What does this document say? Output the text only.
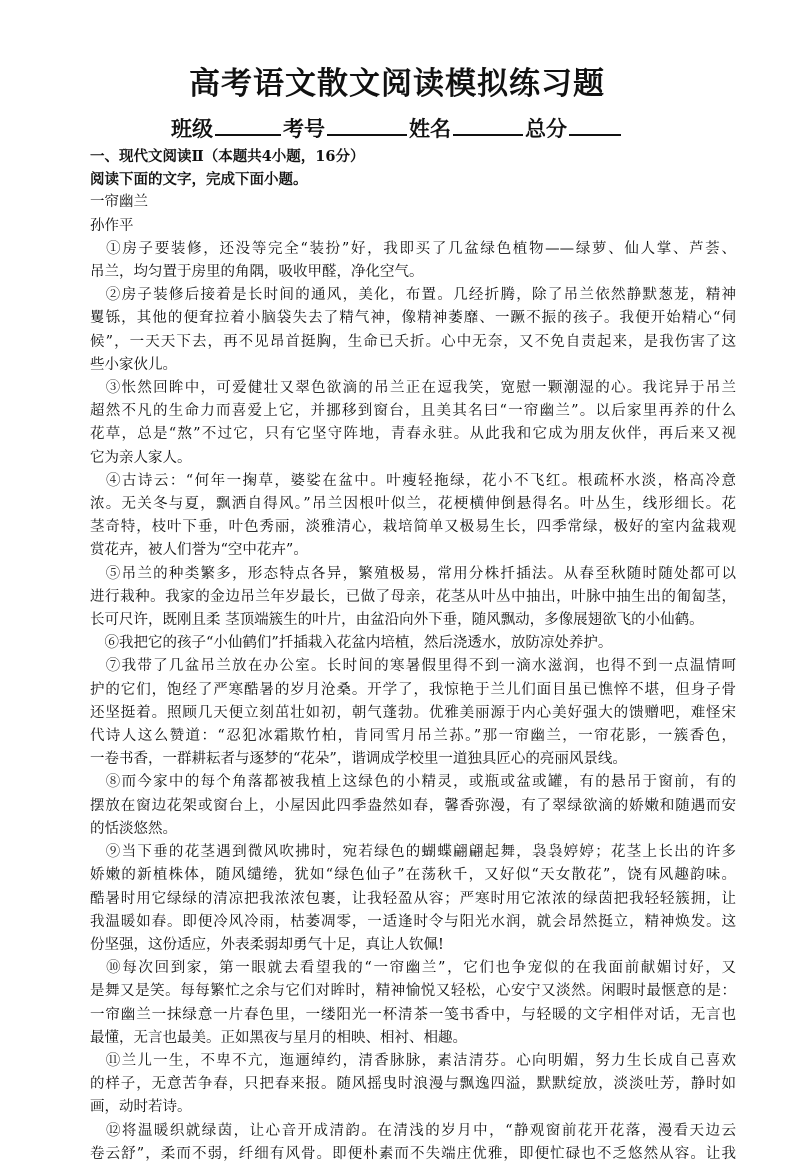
高考语文散文阅读模拟练习题
班级	考号	姓名	总分

一、现代文阅读Ⅱ（本题共4小题，16分）

阅读下面的文字，完成下面小题。

一帘幽兰

孙作平

　①房子要装修，还没等完全“装扮”好，我即买了几盆绿色植物——绿萝、仙人掌、芦荟、
吊兰，均匀置于房里的角隅，吸收甲醛，净化空气。
　②房子装修后接着是长时间的通风，美化，布置。几经折腾，除了吊兰依然静默葱茏，精神
矍铄，其他的便耷拉着小脑袋失去了精气神，像精神萎靡、一蹶不振的孩子。我便开始精心“伺
候”，一天天下去，再不见昂首挺胸，生命已夭折。心中无奈，又不免自责起来，是我伤害了这
些小家伙儿。
　③怅然回眸中，可爱健壮又翠色欲滴的吊兰正在逗我笑，宽慰一颗潮湿的心。我诧异于吊兰
超然不凡的生命力而喜爱上它，并挪移到窗台，且美其名曰“一帘幽兰”。以后家里再养的什么
花草，总是“熬”不过它，只有它坚守阵地，青春永驻。从此我和它成为朋友伙伴，再后来又视
它为亲人家人。
　④古诗云：“何年一掬草，婆娑在盆中。叶瘦轻拖绿，花小不飞红。根疏杯水淡，格高冷意
浓。无关冬与夏，飘洒自得风。”吊兰因根叶似兰，花梗横伸倒悬得名。叶丛生，线形细长。花
茎奇特，枝叶下垂，叶色秀丽，淡雅清心，栽培简单又极易生长，四季常绿，极好的室内盆栽观
赏花卉，被人们誉为“空中花卉”。
　⑤吊兰的种类繁多，形态特点各异，繁殖极易，常用分株扦插法。从春至秋随时随处都可以
进行栽种。我家的金边吊兰年岁最长，已做了母亲，花茎从叶丛中抽出，叶脉中抽生出的匍匐茎，
长可尺许，既刚且柔 茎顶端簇生的叶片，由盆沿向外下垂，随风飘动，多像展翅欲飞的小仙鹤。
　⑥我把它的孩子“小仙鹤们”扦插栽入花盆内培植，然后浇透水，放防凉处养护。
　⑦我带了几盆吊兰放在办公室。长时间的寒暑假里得不到一滴水滋润，也得不到一点温情呵
护的它们，饱经了严寒酷暑的岁月沧桑。开学了，我惊艳于兰儿们面目虽已憔悴不堪，但身子骨
还坚挺着。照顾几天便立刻茁壮如初，朝气蓬勃。优雅美丽源于内心美好强大的馈赠吧，难怪宋
代诗人这么赞道：“忍犯冰霜欺竹柏，肯同雪月吊兰荪。”那一帘幽兰，一帘花影，一簇香色，
一卷书香，一群耕耘者与逐梦的“花朵”，谐调成学校里一道独具匠心的亮丽风景线。
　⑧而今家中的每个角落都被我植上这绿色的小精灵，或瓶或盆或罐，有的悬吊于窗前，有的
摆放在窗边花架或窗台上，小屋因此四季盎然如春，馨香弥漫，有了翠绿欲滴的娇嫩和随遇而安
的恬淡悠然。
　⑨当下垂的花茎遇到微风吹拂时，宛若绿色的蝴蝶翩翩起舞，袅袅婷婷；花茎上长出的许多
娇嫩的新植株体，随风缱绻，犹如“绿色仙子”在荡秋千，又好似“天女散花”，饶有风趣韵味。
酷暑时用它绿绿的清凉把我浓浓包裹，让我轻盈从容；严寒时用它浓浓的绿茵把我轻轻簇拥，让
我温暖如春。即便冷风冷雨，枯萎凋零，一适逢时令与阳光水润，就会昂然挺立，精神焕发。这
份坚强，这份适应，外表柔弱却勇气十足，真让人钦佩!
　⑩每次回到家，第一眼就去看望我的“一帘幽兰”，它们也争宠似的在我面前献媚讨好，又
是舞又是笑。每每繁忙之余与它们对眸时，精神愉悦又轻松，心安宁又淡然。闲暇时最惬意的是：
一帘幽兰一抹绿意一片春色里，一缕阳光一杯清茶一笺书香中，与轻暖的文字相伴对话，无言也
最懂，无言也最美。正如黑夜与星月的相映、相衬、相趣。
　⑪兰儿一生，不卑不亢，迤逦绰约，清香脉脉，素洁清芬。心向明媚，努力生长成自己喜欢
的样子，无意苦争春，只把春来报。随风摇曳时浪漫与飘逸四溢，默默绽放，淡淡吐芳，静时如
画，动时若诗。
　⑫将温暖织就绿茵，让心音开成清韵。在清浅的岁月中，“静观窗前花开花落，漫看天边云
卷云舒”，柔而不弱，纤细有风骨。即便朴素而不失端庄优雅，即便忙碌也不乏悠然从容。让我
